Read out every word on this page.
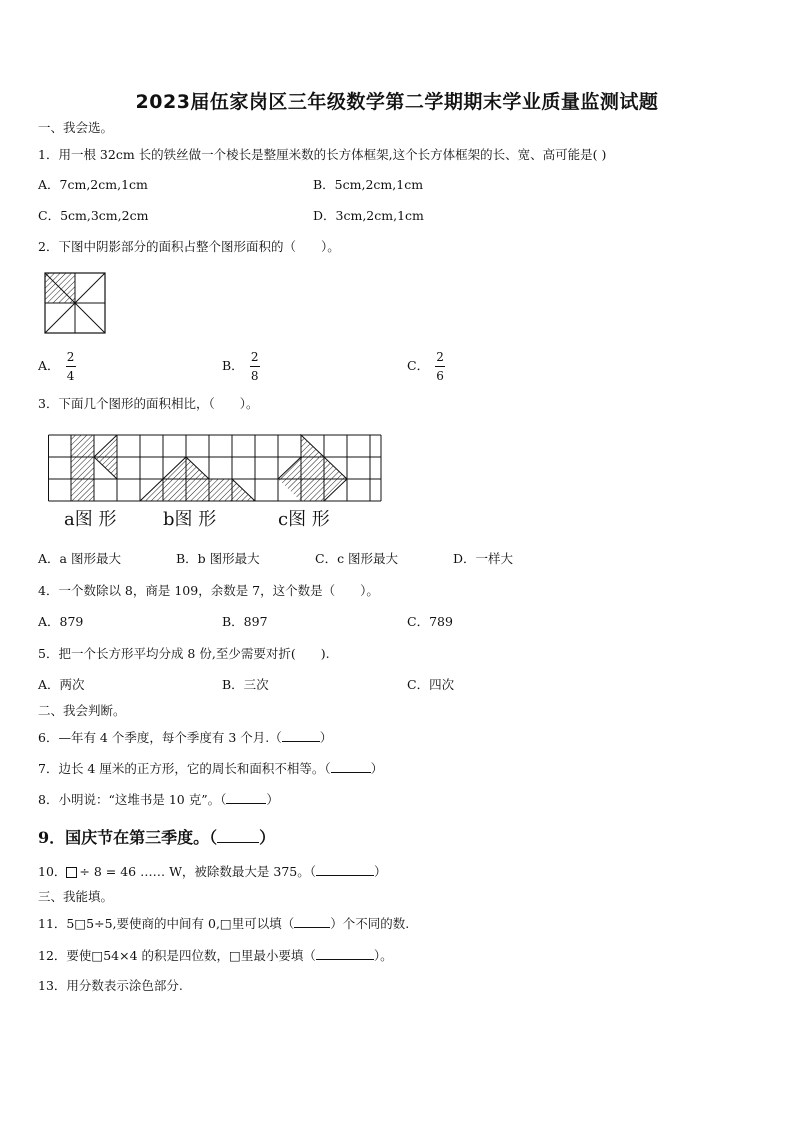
2023届伍家岗区三年级数学第二学期期末学业质量监测试题
一、我会选。
1．用一根 32cm 长的铁丝做一个棱长是整厘米数的长方体框架,这个长方体框架的长、宽、高可能是( )
A．7cm,2cm,1cm	B．5cm,2cm,1cm
C．5cm,3cm,2cm	D．3cm,2cm,1cm
2．下图中阴影部分的面积占整个图形面积的（　　）。
A． $\frac{2}{4}$	B． $\frac{2}{8}$	C． $\frac{2}{6}$
3．下面几个图形的面积相比，（　　）。
a图 形	b图 形	c图 形
A．a 图形最大	B．b 图形最大	C．c 图形最大	D．一样大
4．一个数除以 8，商是 109，余数是 7，这个数是（　　）。
A．879	B．897	C．789
5．把一个长方形平均分成 8 份,至少需要对折(　　).
A．两次	B．三次	C．四次
二、我会判断。
6．—年有 4 个季度，每个季度有 3 个月.（	）
7．边长 4 厘米的正方形，它的周长和面积不相等。（	）
8．小明说：“这堆书是 10 克”。（	）
9．国庆节在第三季度。（	）
10． ÷ 8 = 46 …… W，被除数最大是 375。（	）
三、我能填。
11．5□5÷5,要使商的中间有 0,□里可以填（	）个不同的数.
12．要使□54×4 的积是四位数，□里最小要填（	）。
13．用分数表示涂色部分.
